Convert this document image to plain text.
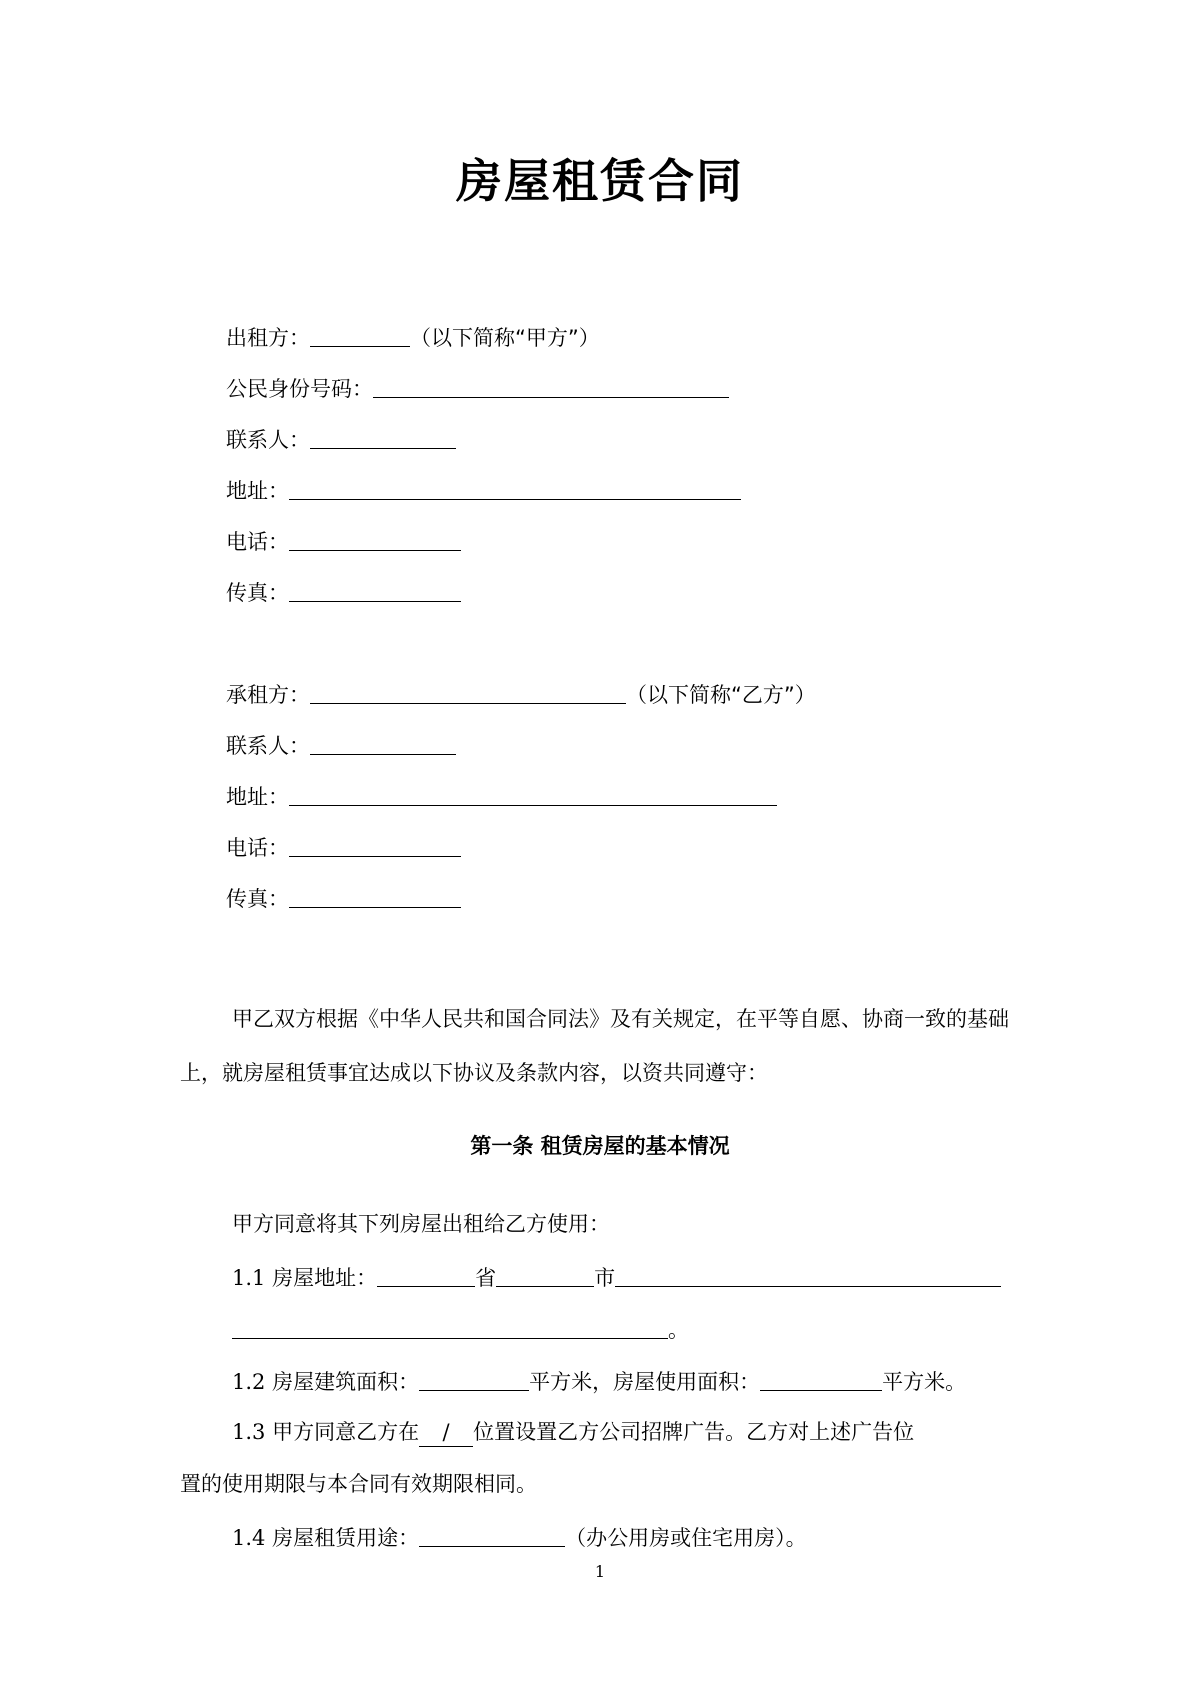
房屋租赁合同
出租方：	（以下简称“甲方”）
公民身份号码：
联系人：
地址：
电话：
传真：
承租方：	（以下简称“乙方”）
联系人：
地址：
电话：
传真：
甲乙双方根据《中华人民共和国合同法》及有关规定，在平等自愿、协商一致的基础上，就房屋租赁事宜达成以下协议及条款内容，以资共同遵守：
第一条 租赁房屋的基本情况
甲方同意将其下列房屋出租给乙方使用：
1.1 房屋地址：	省	市
。
1.2 房屋建筑面积：	平方米，房屋使用面积：	平方米。
1.3 甲方同意乙方在 / 位置设置乙方公司招牌广告。乙方对上述广告位
置的使用期限与本合同有效期限相同。
1.4 房屋租赁用途：	（办公用房或住宅用房）。
1
